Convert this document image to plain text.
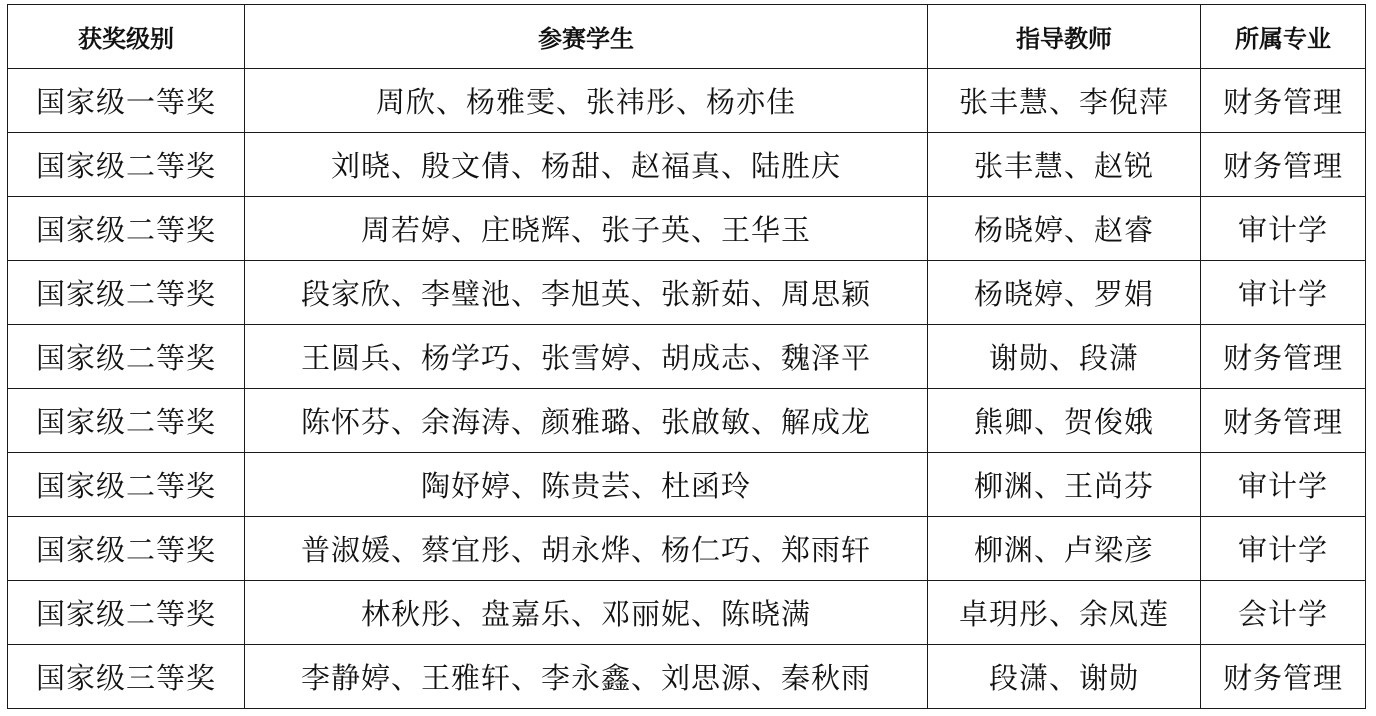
获奖级别	参赛学生	指导教师	所属专业
国家级一等奖	周欣、杨雅雯、张祎彤、杨亦佳	张丰慧、李倪萍	财务管理
国家级二等奖	刘晓、殷文倩、杨甜、赵福真、陆胜庆	张丰慧、赵锐	财务管理
国家级二等奖	周若婷、庄晓辉、张子英、王华玉	杨晓婷、赵睿	审计学
国家级二等奖	段家欣、李璧池、李旭英、张新茹、周思颖	杨晓婷、罗娟	审计学
国家级二等奖	王圆兵、杨学巧、张雪婷、胡成志、魏泽平	谢勋、段潇	财务管理
国家级二等奖	陈怀芬、余海涛、颜雅璐、张啟敏、解成龙	熊卿、贺俊娥	财务管理
国家级二等奖	陶妤婷、陈贵芸、杜函玲	柳渊、王尚芬	审计学
国家级二等奖	普淑媛、蔡宜彤、胡永烨、杨仁巧、郑雨轩	柳渊、卢梁彦	审计学
国家级二等奖	林秋彤、盘嘉乐、邓丽妮、陈晓满	卓玥彤、余凤莲	会计学
国家级三等奖	李静婷、王雅轩、李永鑫、刘思源、秦秋雨	段潇、谢勋	财务管理
